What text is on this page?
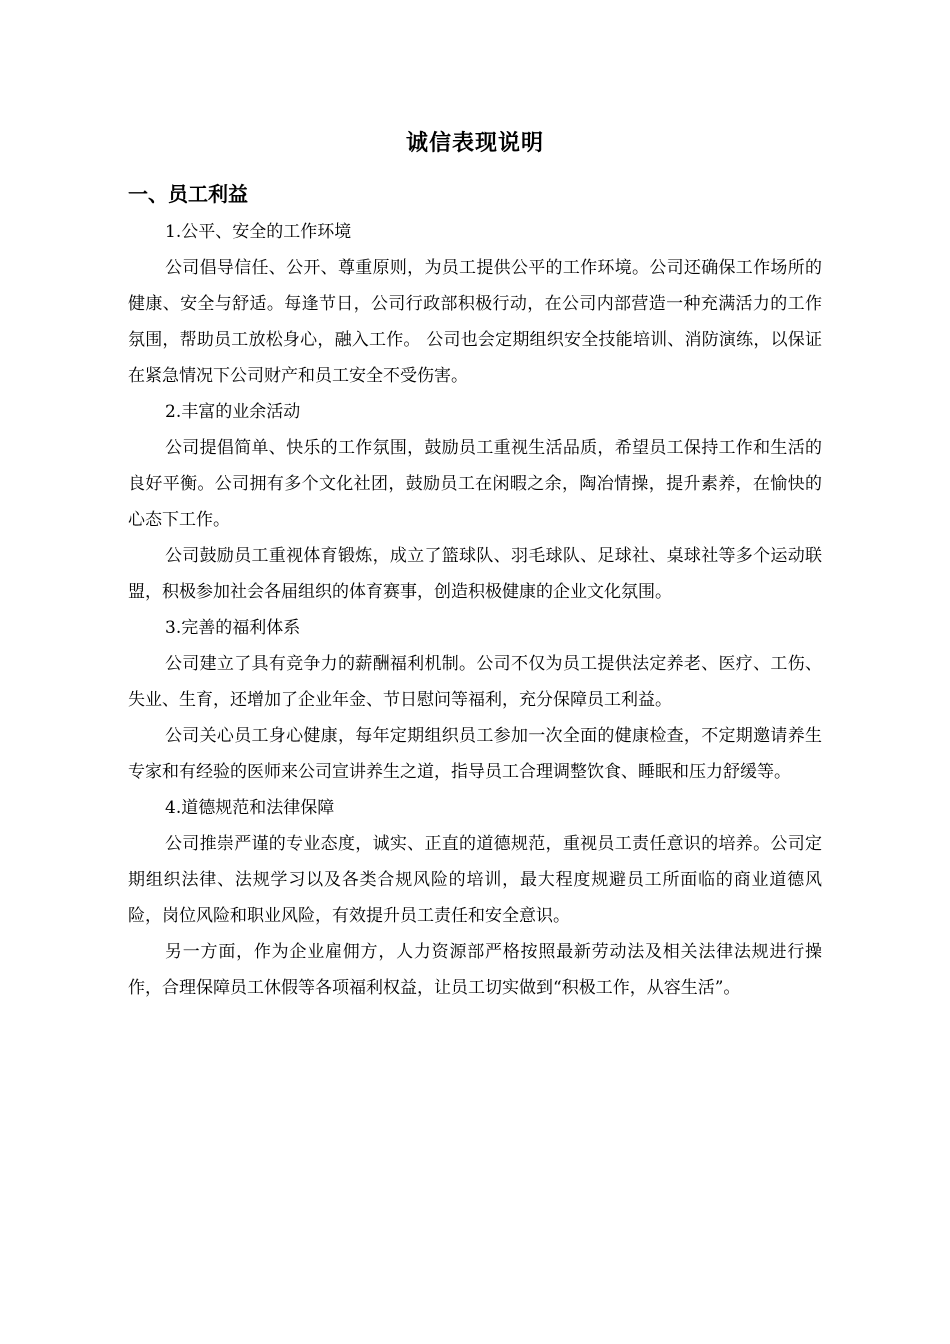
诚信表现说明
一、员工利益

1.公平、安全的工作环境

公司倡导信任、公开、尊重原则，为员工提供公平的工作环境。公司还确保工作场所的健康、安全与舒适。每逢节日，公司行政部积极行动，在公司内部营造一种充满活力的工作氛围，帮助员工放松身心，融入工作。 公司也会定期组织安全技能培训、消防演练，以保证在紧急情况下公司财产和员工安全不受伤害。

2.丰富的业余活动

公司提倡简单、快乐的工作氛围，鼓励员工重视生活品质，希望员工保持工作和生活的良好平衡。公司拥有多个文化社团，鼓励员工在闲暇之余，陶冶情操，提升素养，在愉快的心态下工作。

公司鼓励员工重视体育锻炼，成立了篮球队、羽毛球队、足球社、桌球社等多个运动联盟，积极参加社会各届组织的体育赛事，创造积极健康的企业文化氛围。

3.完善的福利体系

公司建立了具有竞争力的薪酬福利机制。公司不仅为员工提供法定养老、医疗、工伤、失业、生育，还增加了企业年金、节日慰问等福利，充分保障员工利益。

公司关心员工身心健康，每年定期组织员工参加一次全面的健康检查，不定期邀请养生专家和有经验的医师来公司宣讲养生之道，指导员工合理调整饮食、睡眠和压力舒缓等。

4.道德规范和法律保障

公司推崇严谨的专业态度，诚实、正直的道德规范，重视员工责任意识的培养。公司定期组织法律、法规学习以及各类合规风险的培训，最大程度规避员工所面临的商业道德风险，岗位风险和职业风险，有效提升员工责任和安全意识。

另一方面，作为企业雇佣方，人力资源部严格按照最新劳动法及相关法律法规进行操作，合理保障员工休假等各项福利权益，让员工切实做到“积极工作，从容生活”。
